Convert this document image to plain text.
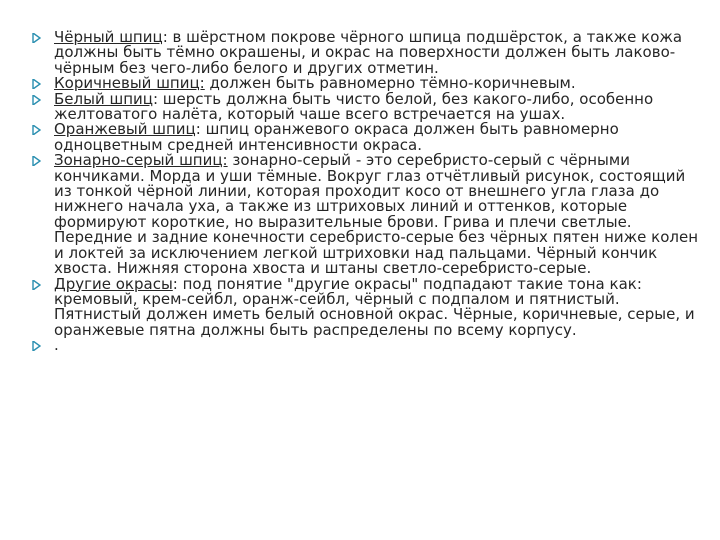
Чёрный шпиц: в шёрстном покрове чёрного шпица подшёрсток, а также кожа должны быть тёмно окрашены, и окрас на поверхности должен быть лаково-чёрным без чего-либо белого и других отметин.
Коричневый шпиц: должен быть равномерно тёмно-коричневым.
Белый шпиц: шерсть должна быть чисто белой, без какого-либо, особенно желтоватого налёта, который чаше всего встречается на ушах.
Оранжевый шпиц: шпиц оранжевого окраса должен быть равномерно одноцветным средней интенсивности окраса.
Зонарно-серый шпиц: зонарно-серый - это серебристо-серый с чёрными кончиками. Морда и уши тёмные. Вокруг глаз отчётливый рисунок, состоящий из тонкой чёрной линии, которая проходит косо от внешнего угла глаза до нижнего начала уха, а также из штриховых линий и оттенков, которые формируют короткие, но выразительные брови. Грива и плечи светлые. Передние и задние конечности серебристо-серые без чёрных пятен ниже колен и локтей за исключением легкой штриховки над пальцами. Чёрный кончик хвоста. Нижняя сторона хвоста и штаны светло-серебристо-серые.
Другие окрасы: под понятие "другие окрасы" подпадают такие тона как: кремовый, крем-сейбл, оранж-сейбл, чёрный с подпалом и пятнистый. Пятнистый должен иметь белый основной окрас. Чёрные, коричневые, серые, и оранжевые пятна должны быть распределены по всему корпусу.
.
